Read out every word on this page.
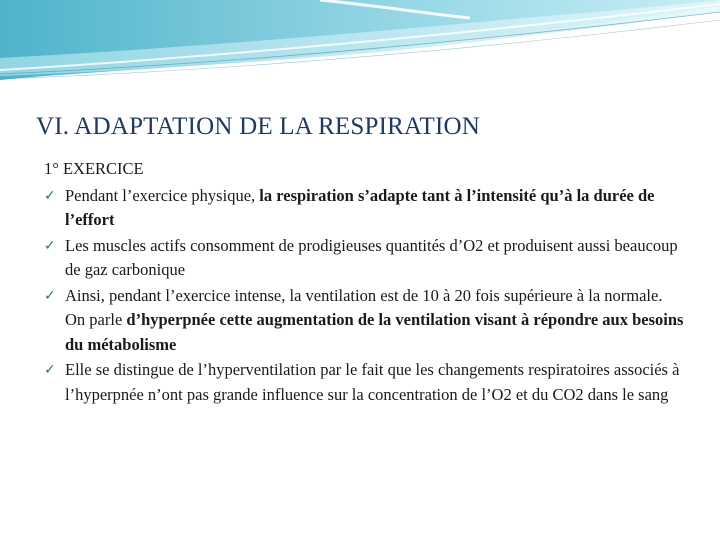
VI. ADAPTATION DE LA RESPIRATION
1° EXERCICE
✓ Pendant l’exercice physique, la respiration s’adapte tant à l’intensité qu’à la durée de l’effort
✓ Les muscles actifs consomment de prodigieuses quantités d’O2 et produisent aussi beaucoup de gaz carbonique
✓ Ainsi, pendant l’exercice intense, la ventilation est de 10 à 20 fois supérieure à la normale. On parle d’hyperpnée cette augmentation de la ventilation visant à répondre aux besoins du métabolisme
✓ Elle se distingue de l’hyperventilation par le fait que les changements respiratoires associés à l’hyperpnée n’ont pas grande influence sur la concentration de l’O2 et du CO2 dans le sang
